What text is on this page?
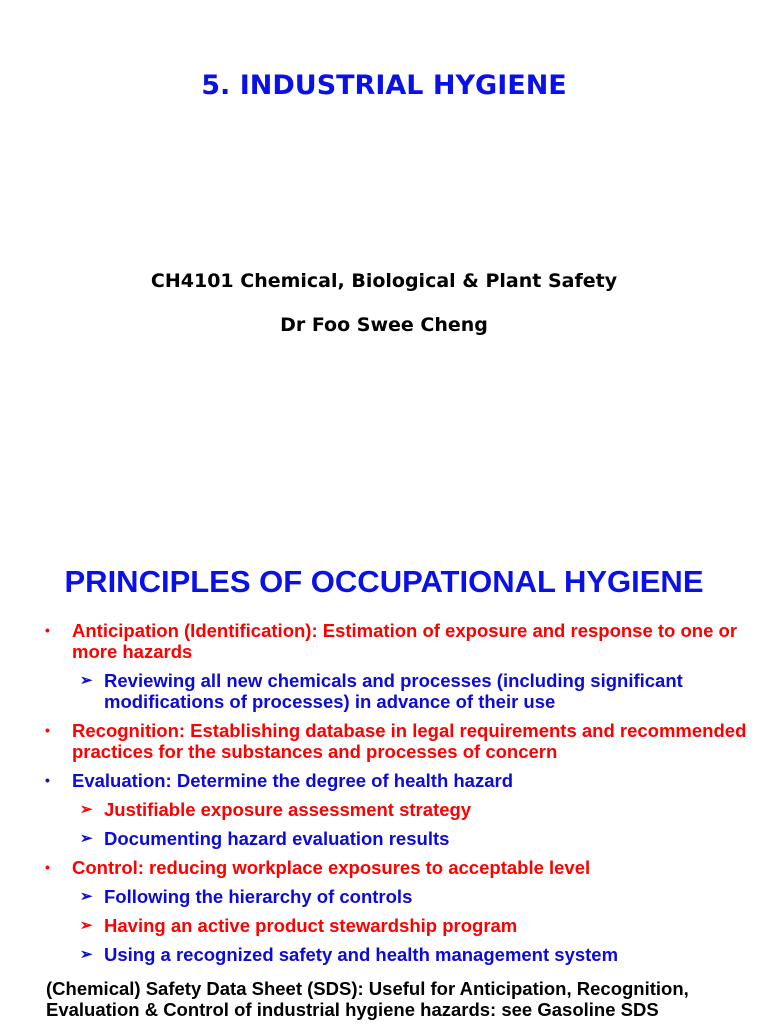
5. INDUSTRIAL HYGIENE

CH4101 Chemical, Biological & Plant Safety

Dr Foo Swee Cheng

PRINCIPLES OF OCCUPATIONAL HYGIENE
• Anticipation (Identification): Estimation of exposure and response to one or more hazards
➢ Reviewing all new chemicals and processes (including significant modifications of processes) in advance of their use
• Recognition: Establishing database in legal requirements and recommended practices for the substances and processes of concern
• Evaluation: Determine the degree of health hazard
➢ Justifiable exposure assessment strategy
➢ Documenting hazard evaluation results
• Control: reducing workplace exposures to acceptable level
➢ Following the hierarchy of controls
➢ Having an active product stewardship program
➢ Using a recognized safety and health management system

(Chemical) Safety Data Sheet (SDS): Useful for Anticipation, Recognition, Evaluation & Control of industrial hygiene hazards: see Gasoline SDS
